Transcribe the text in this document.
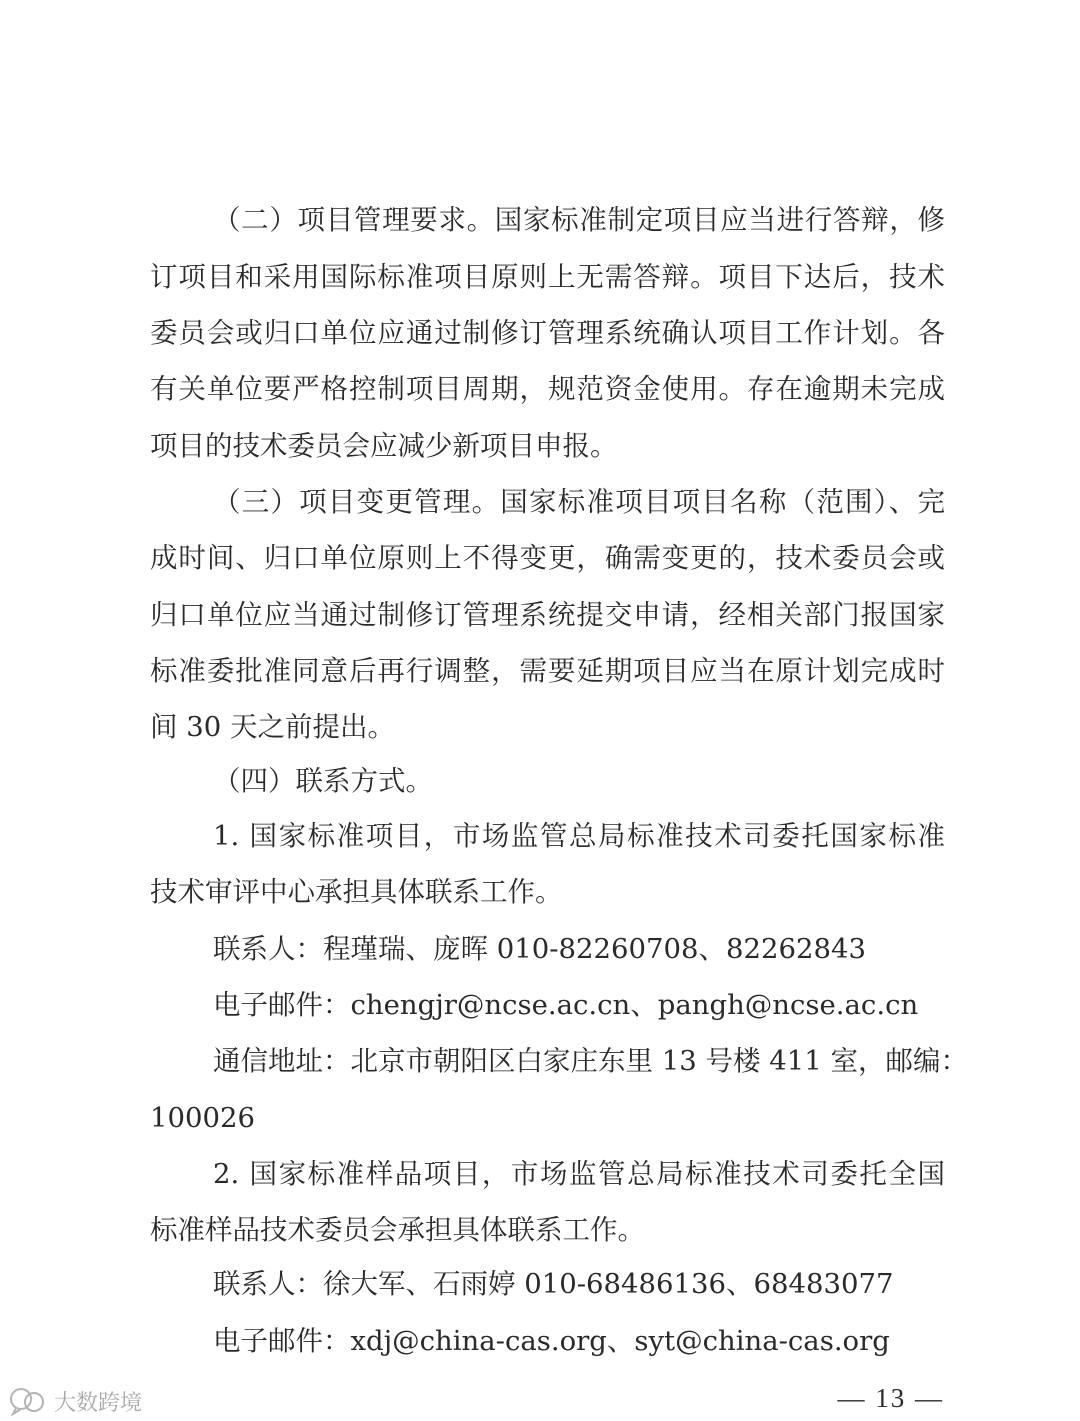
（二）项目管理要求。国家标准制定项目应当进行答辩，修
订项目和采用国际标准项目原则上无需答辩。项目下达后，技术
委员会或归口单位应通过制修订管理系统确认项目工作计划。各
有关单位要严格控制项目周期，规范资金使用。存在逾期未完成
项目的技术委员会应减少新项目申报。
（三）项目变更管理。国家标准项目项目名称（范围）、完
成时间、归口单位原则上不得变更，确需变更的，技术委员会或
归口单位应当通过制修订管理系统提交申请，经相关部门报国家
标准委批准同意后再行调整，需要延期项目应当在原计划完成时
间 30 天之前提出。
（四）联系方式。
1. 国家标准项目，市场监管总局标准技术司委托国家标准
技术审评中心承担具体联系工作。
联系人：程瑾瑞、庞晖 010-82260708、82262843
电子邮件：chengjr@ncse.ac.cn、pangh@ncse.ac.cn
通信地址：北京市朝阳区白家庄东里 13 号楼 411 室，邮编：
100026
2. 国家标准样品项目，市场监管总局标准技术司委托全国
标准样品技术委员会承担具体联系工作。
联系人：徐大军、石雨婷 010-68486136、68483077
电子邮件：xdj@china-cas.org、syt@china-cas.org
— 13 —
大数跨境
